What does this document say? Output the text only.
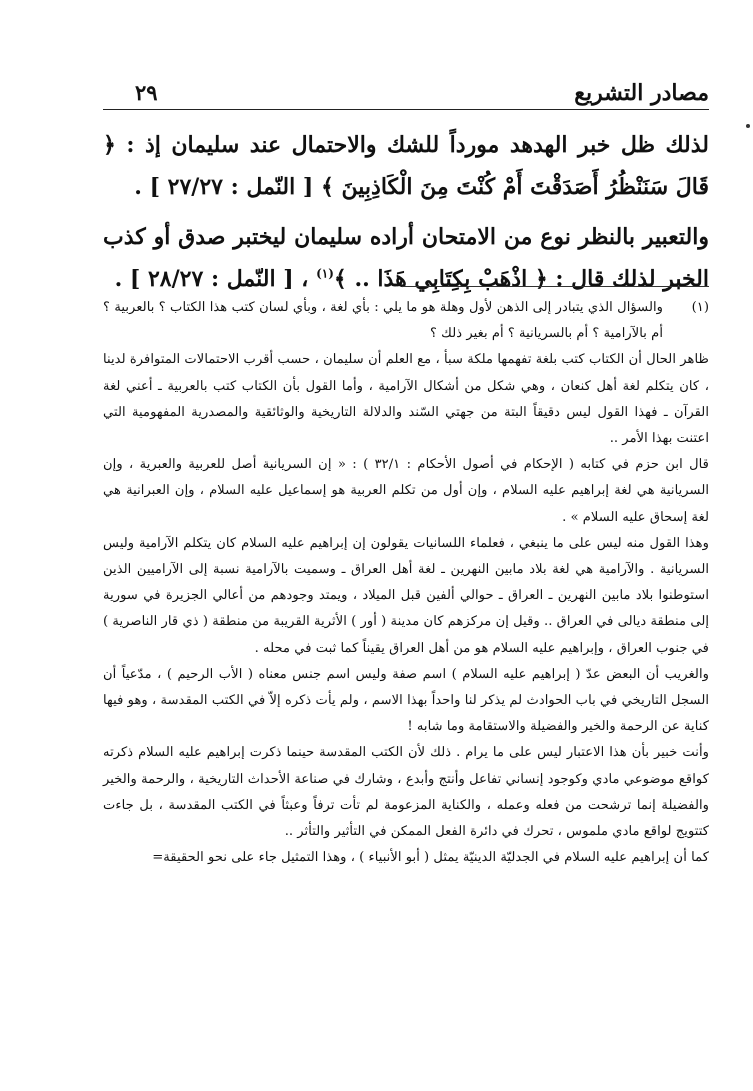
مصادر التشريع
٢٩

لذلك ظل خبر الهدهد مورداً للشك والاحتمال عند سليمان إذ : ﴿ قَالَ سَنَنْظُرُ أَصَدَقْتَ أَمْ كُنْتَ مِنَ الْكَاذِبِينَ ﴾ [ النّمل : ٢٧/٢٧ ] .

والتعبير بالنظر نوع من الامتحان أراده سليمان ليختبر صدق أو كذب الخبر لذلك قال : ﴿ اذْهَبْ بِكِتَابِي هَذَا .. ﴾$^{(١)}$ ، [ النّمل : ٢٨/٢٧ ] .

(١)

والسؤال الذي يتبادر إلى الذهن لأول وهلة هو ما يلي : بأي لغة ، وبأي لسان كتب هذا الكتاب ؟ بالعربية ؟ أم بالآرامية ؟ أم بالسريانية ؟ أم بغير ذلك ؟

ظاهر الحال أن الكتاب كتب بلغة تفهمها ملكة سبأ ، مع العلم أن سليمان ، حسب أقرب الاحتمالات المتوافرة لدينا ، كان يتكلم لغة أهل كنعان ، وهي شكل من أشكال الآرامية ، وأما القول بأن الكتاب كتب بالعربية ـ أعني لغة القرآن ـ فهذا القول ليس دقيقاً البتة من جهتي السّند والدلالة التاريخية والوثائقية والمصدرية المفهومية التي اعتنت بهذا الأمر ..

قال ابن حزم في كتابه ( الإحكام في أصول الأحكام : ٣٢/١ ) : « إن السريانية أصل للعربية والعبرية ، وإن السريانية هي لغة إبراهيم عليه السلام ، وإن أول من تكلم العربية هو إسماعيل عليه السلام ، وإن العبرانية هي لغة إسحاق عليه السلام » .

وهذا القول منه ليس على ما ينبغي ، فعلماء اللسانيات يقولون إن إبراهيم عليه السلام كان يتكلم الآرامية وليس السريانية . والآرامية هي لغة بلاد مابين النهرين ـ لغة أهل العراق ـ وسميت بالآرامية نسبة إلى الآراميين الذين استوطنوا بلاد مابين النهرين ـ العراق ـ حوالي ألفين قبل الميلاد ، ويمتد وجودهم من أعالي الجزيرة في سورية إلى منطقة ديالى في العراق .. وقيل إن مركزهم كان مدينة ( أور ) الأثرية القريبة من منطقة ( ذي قار الناصرية ) في جنوب العراق ، وإبراهيم عليه السلام هو من أهل العراق يقيناً كما ثبت في محله .

والغريب أن البعض عدّ ( إبراهيم عليه السلام ) اسم صفة وليس اسم جنس معناه ( الأب الرحيم ) ، مدّعياً أن السجل التاريخي في باب الحوادث لم يذكر لنا واحداً بهذا الاسم ، ولم يأت ذكره إلاّ في الكتب المقدسة ، وهو فيها كناية عن الرحمة والخير والفضيلة والاستقامة وما شابه !

وأنت خبير بأن هذا الاعتبار ليس على ما يرام . ذلك لأن الكتب المقدسة حينما ذكرت إبراهيم عليه السلام ذكرته كواقع موضوعي مادي وكوجود إنساني تفاعل وأنتج وأبدع ، وشارك في صناعة الأحداث التاريخية ، والرحمة والخير والفضيلة إنما ترشحت من فعله وعمله ، والكناية المزعومة لم تأت ترفاً وعبثاً في الكتب المقدسة ، بل جاءت كتتويج لواقع مادي ملموس ، تحرك في دائرة الفعل الممكن في التأثير والتأثر ..

كما أن إبراهيم عليه السلام في الجدليّة الدينيّة يمثل ( أبو الأنبياء ) ، وهذا التمثيل جاء على نحو الحقيقة=
